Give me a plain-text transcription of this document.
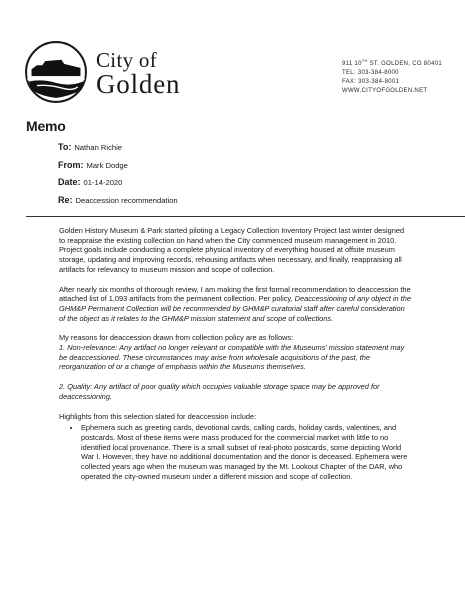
City of
Golden
911 10TH ST. GOLDEN, CO 80401
TEL: 303-384-8000
FAX: 303-384-8001
WWW.CITYOFGOLDEN.NET
Memo
To: Nathan Richie
From: Mark Dodge
Date: 01-14-2020
Re: Deaccession recommendation

Golden History Museum & Park started piloting a Legacy Collection Inventory Project last winter designed to reappraise the existing collection on hand when the City commenced museum management in 2010. Project goals include conducting a complete physical inventory of everything housed at offsite museum storage, updating and improving records, rehousing artifacts when necessary, and finally, reappraising all artifacts for relevancy to museum mission and scope of collection.

After nearly six months of thorough review, I am making the first formal recommendation to deaccession the attached list of 1,093 artifacts from the permanent collection. Per policy, Deaccessioning of any object in the GHM&P Permanent Collection will be recommended by GHM&P curatorial staff after careful consideration of the object as it relates to the GHM&P mission statement and scope of collections.

My reasons for deaccession drawn from collection policy are as follows:
1. Non-relevance: Any artifact no longer relevant or compatible with the Museums' mission statement may be deaccessioned. These circumstances may arise from wholesale acquisitions of the past, the reorganization of or a change of emphasis within the Museums themselves.

2. Quality: Any artifact of poor quality which occupies valuable storage space may be approved for deaccessioning.

Highlights from this selection slated for deaccession include:

• Ephemera such as greeting cards, devotional cards, calling cards, holiday cards, valentines, and postcards. Most of these items were mass produced for the commercial market with little to no identified local provenance. There is a small subset of real-photo postcards, some depicting World War I. However, they have no additional documentation and the donor is deceased. Ephemera were collected years ago when the museum was managed by the Mt. Lookout Chapter of the DAR, who operated the city-owned museum under a different mission and scope of collection.
